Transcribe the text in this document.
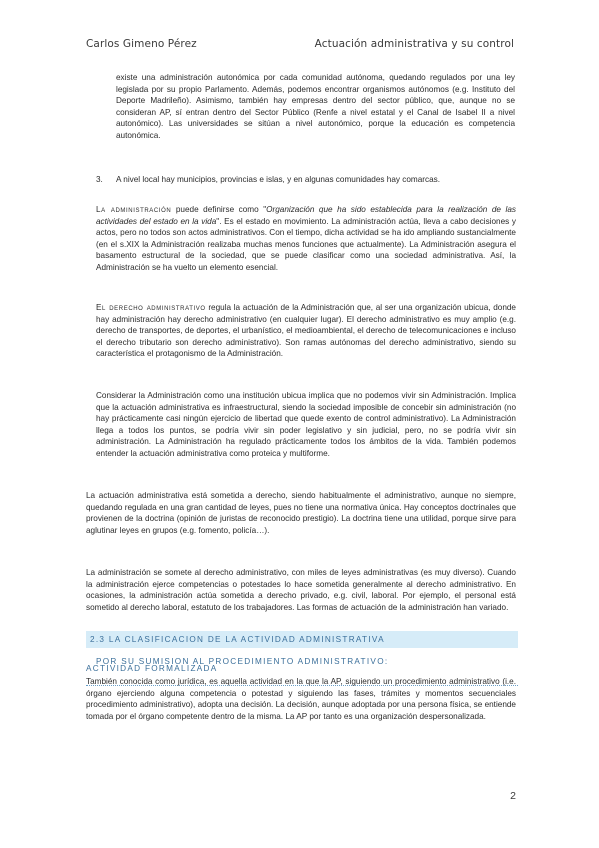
Carlos Gimeno Pérez	Actuación administrativa y su control
existe una administración autonómica por cada comunidad autónoma, quedando regulados por una ley legislada por su propio Parlamento. Además, podemos encontrar organismos autónomos (e.g. Instituto del Deporte Madrileño). Asimismo, también hay empresas dentro del sector público, que, aunque no se consideran AP, sí entran dentro del Sector Público (Renfe a nivel estatal y el Canal de Isabel II a nivel autonómico). Las universidades se sitúan a nivel autonómico, porque la educación es competencia autonómica.
3. A nivel local hay municipios, provincias e islas, y en algunas comunidades hay comarcas.
La administración puede definirse como "Organización que ha sido establecida para la realización de las actividades del estado en la vida". Es el estado en movimiento. La administración actúa, lleva a cabo decisiones y actos, pero no todos son actos administrativos. Con el tiempo, dicha actividad se ha ido ampliando sustancialmente (en el s.XIX la Administración realizaba muchas menos funciones que actualmente). La Administración asegura el basamento estructural de la sociedad, que se puede clasificar como una sociedad administrativa. Así, la Administración se ha vuelto un elemento esencial.
El derecho administrativo regula la actuación de la Administración que, al ser una organización ubicua, donde hay administración hay derecho administrativo (en cualquier lugar). El derecho administrativo es muy amplio (e.g. derecho de transportes, de deportes, el urbanístico, el medioambiental, el derecho de telecomunicaciones e incluso el derecho tributario son derecho administrativo). Son ramas autónomas del derecho administrativo, siendo su característica el protagonismo de la Administración.
Considerar la Administración como una institución ubicua implica que no podemos vivir sin Administración. Implica que la actuación administrativa es infraestructural, siendo la sociedad imposible de concebir sin administración (no hay prácticamente casi ningún ejercicio de libertad que quede exento de control administrativo). La Administración llega a todos los puntos, se podría vivir sin poder legislativo y sin judicial, pero, no se podría vivir sin administración. La Administración ha regulado prácticamente todos los ámbitos de la vida. También podemos entender la actuación administrativa como proteica y multiforme.
La actuación administrativa está sometida a derecho, siendo habitualmente el administrativo, aunque no siempre, quedando regulada en una gran cantidad de leyes, pues no tiene una normativa única. Hay conceptos doctrinales que provienen de la doctrina (opinión de juristas de reconocido prestigio). La doctrina tiene una utilidad, porque sirve para aglutinar leyes en grupos (e.g. fomento, policía…).
La administración se somete al derecho administrativo, con miles de leyes administrativas (es muy diverso). Cuando la administración ejerce competencias o potestades lo hace sometida generalmente al derecho administrativo. En ocasiones, la administración actúa sometida a derecho privado, e.g. civil, laboral. Por ejemplo, el personal está sometido al derecho laboral, estatuto de los trabajadores. Las formas de actuación de la administración han variado.
2.3 LA CLASIFICACION DE LA ACTIVIDAD ADMINISTRATIVA
POR SU SUMISION AL PROCEDIMIENTO ADMINISTRATIVO:
ACTIVIDAD FORMALIZADA
También conocida como jurídica, es aquella actividad en la que la AP, siguiendo un procedimiento administrativo (i.e. órgano ejerciendo alguna competencia o potestad y siguiendo las fases, trámites y momentos secuenciales procedimiento administrativo), adopta una decisión. La decisión, aunque adoptada por una persona física, se entiende tomada por el órgano competente dentro de la misma. La AP por tanto es una organización despersonalizada.
2
